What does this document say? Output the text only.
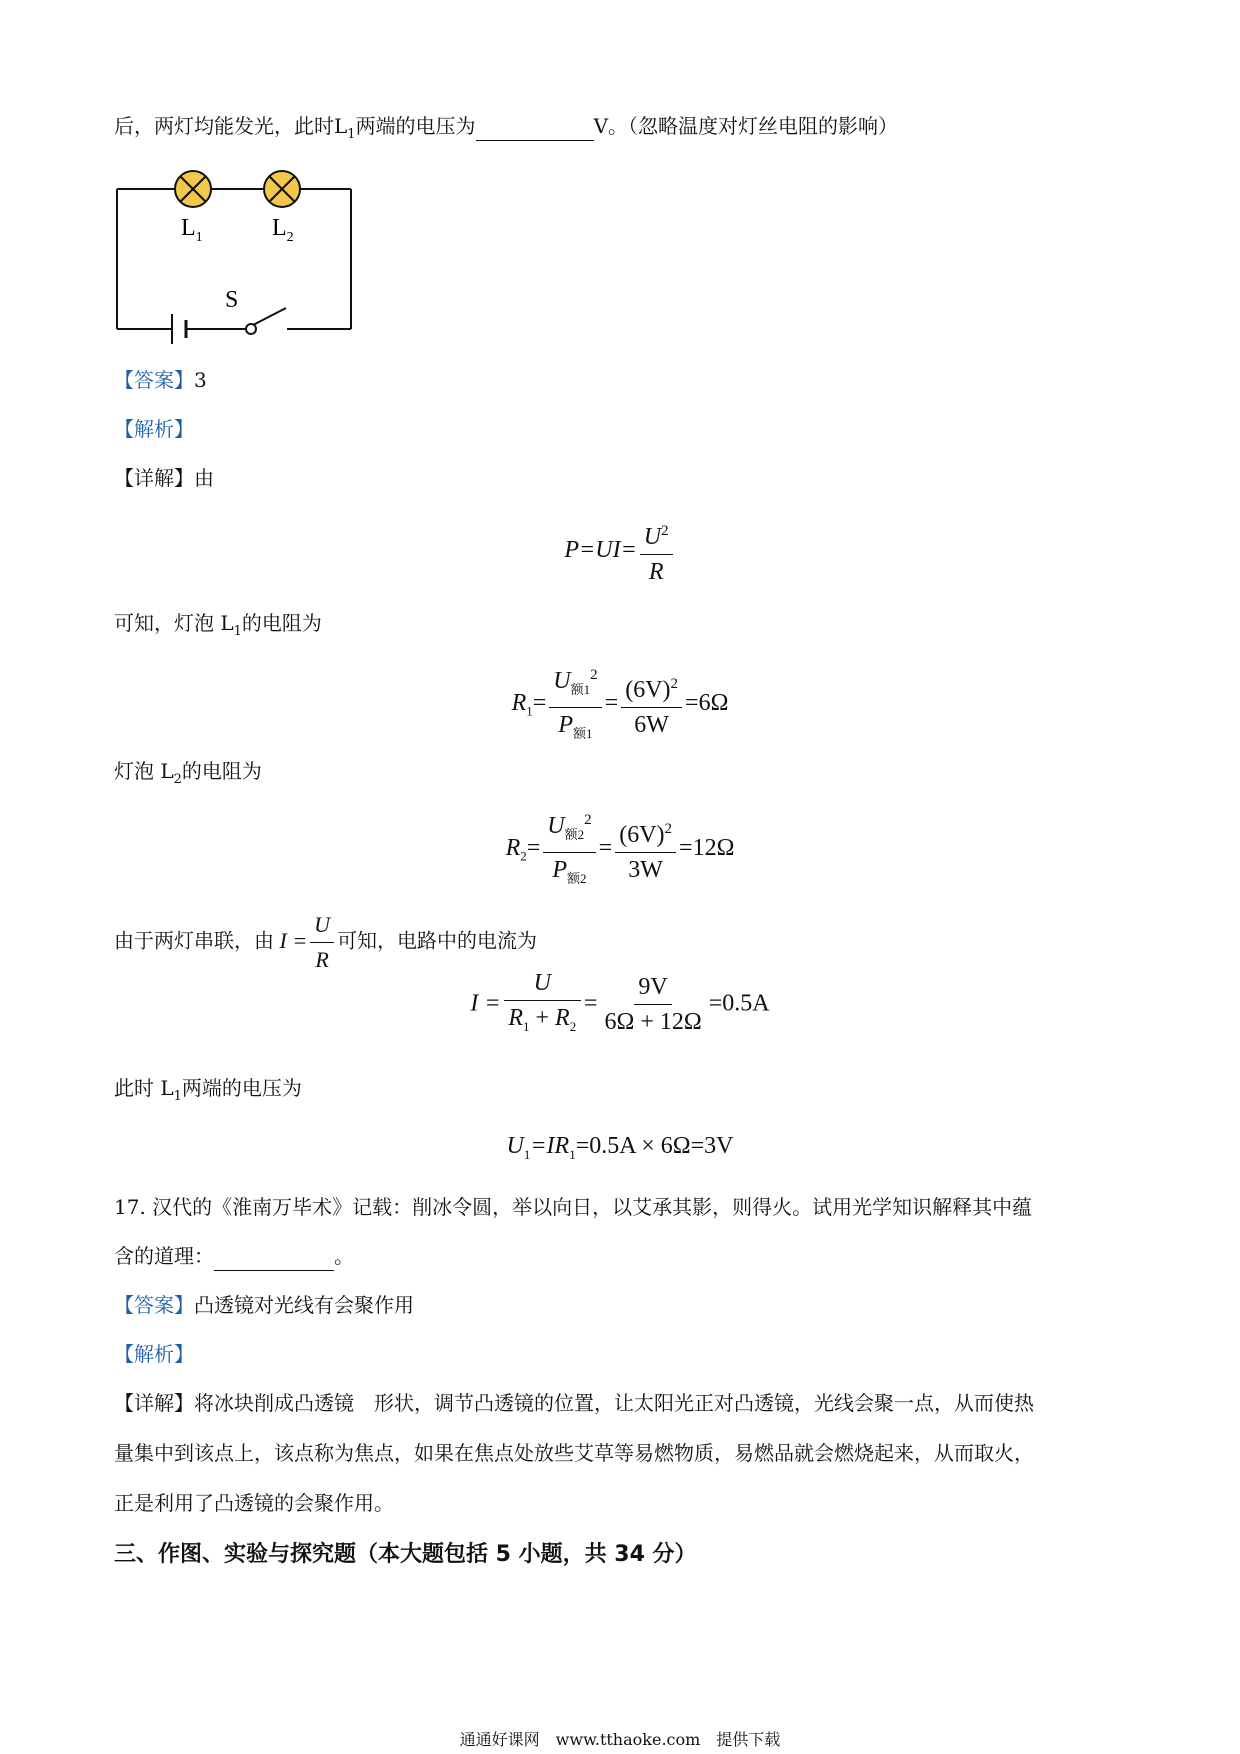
后，两灯均能发光，此时$L_1$两端的电压为	V。（忽略温度对灯丝电阻的影响）
$L_1$	$L_2$
S
【答案】3
【解析】
【详解】由
$P=UI= \frac{U^2}{R}$
可知，灯泡 $L_1$的电阻为
$R_1= \frac{U_{额1}^2}{P_{额1}} = \frac{(6V)^2}{6W} =6\Omega$
灯泡 $L_2$的电阻为
$R_2= \frac{U_{额2}^2}{P_{额2}} = \frac{(6V)^2}{3W} =12\Omega$
由于两灯串联，由 $I = \frac{U}{R}$ 可知，电路中的电流为
$I = \frac{U}{R_1 + R_2} = \frac{9V}{6\Omega + 12\Omega} =0.5A$
此时 $L_1$两端的电压为
$U_1=IR_1=0.5A \times 6\Omega=3V$
17. 汉代的《淮南万毕术》记载：削冰令圆，举以向日，以艾承其影，则得火。试用光学知识解释其中蕴
含的道理：	。
【答案】凸透镜对光线有会聚作用
【解析】
【详解】将冰块削成凸透镜　形状，调节凸透镜的位置，让太阳光正对凸透镜，光线会聚一点，从而使热
量集中到该点上，该点称为焦点，如果在焦点处放些艾草等易燃物质，易燃品就会燃烧起来，从而取火，
正是利用了凸透镜的会聚作用。
三、作图、实验与探究题（本大题包括 5 小题，共 34 分）
通通好课网　www.tthaoke.com　提供下载
